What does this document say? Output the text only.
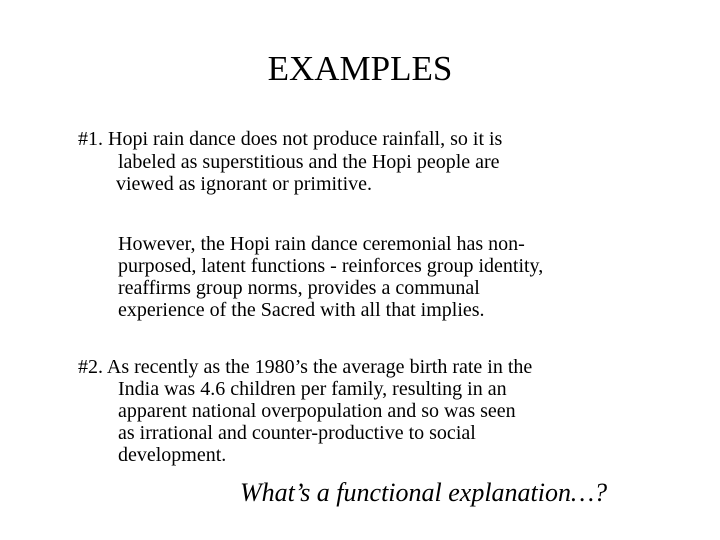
EXAMPLES
#1. Hopi rain dance does not produce rainfall, so it is
labeled as superstitious and the Hopi people are
viewed as ignorant or primitive.
However, the Hopi rain dance ceremonial has non-
purposed, latent functions - reinforces group identity,
reaffirms group norms, provides a communal
experience of the Sacred with all that implies.
#2. As recently as the 1980’s the average birth rate in the
India was 4.6 children per family, resulting in an
apparent national overpopulation and so was seen
as irrational and counter-productive to social
development.
What’s a functional explanation…?
